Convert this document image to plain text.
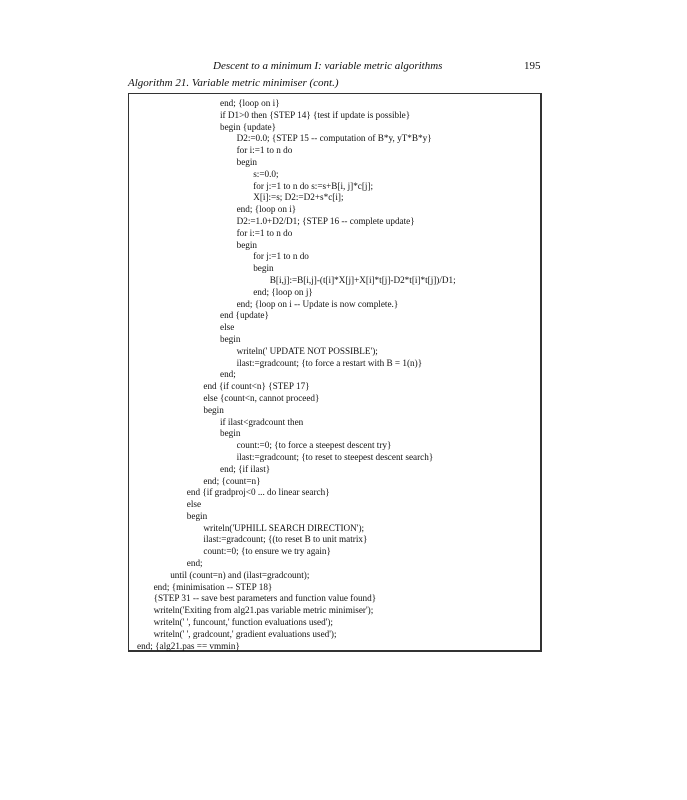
Descent to a minimum I: variable metric algorithms	195
Algorithm 21. Variable metric minimiser (cont.)
end; {loop on i}
if D1>0 then {STEP 14} {test if update is possible}
begin {update}
D2:=0.0; {STEP 15 -- computation of B*y, yT*B*y}
for i:=1 to n do
begin
s:=0.0;
for j:=1 to n do s:=s+B[i, j]*c[j];
X[i]:=s; D2:=D2+s*c[i];
end; {loop on i}
D2:=1.0+D2/D1; {STEP 16 -- complete update}
for i:=1 to n do
begin
for j:=1 to n do
begin
B[i,j]:=B[i,j]-(t[i]*X[j]+X[i]*t[j]-D2*t[i]*t[j])/D1;
end; {loop on j}
end; {loop on i -- Update is now complete.}
end {update}
else
begin
writeln(' UPDATE NOT POSSIBLE');
ilast:=gradcount; {to force a restart with B = 1(n)}
end;
end {if count<n} {STEP 17}
else {count<n, cannot proceed}
begin
if ilast<gradcount then
begin
count:=0; {to force a steepest descent try}
ilast:=gradcount; {to reset to steepest descent search}
end; {if ilast}
end; {count=n}
end {if gradproj<0 ... do linear search}
else
begin
writeln('UPHILL SEARCH DIRECTION');
ilast:=gradcount; {(to reset B to unit matrix}
count:=0; {to ensure we try again}
end;
until (count=n) and (ilast=gradcount);
end; {minimisation -- STEP 18}
{STEP 31 -- save best parameters and function value found}
writeln('Exiting from alg21.pas variable metric minimiser');
writeln(' ', funcount,' function evaluations used');
writeln(' ', gradcount,' gradient evaluations used');
end; {alg21.pas == vmmin}
